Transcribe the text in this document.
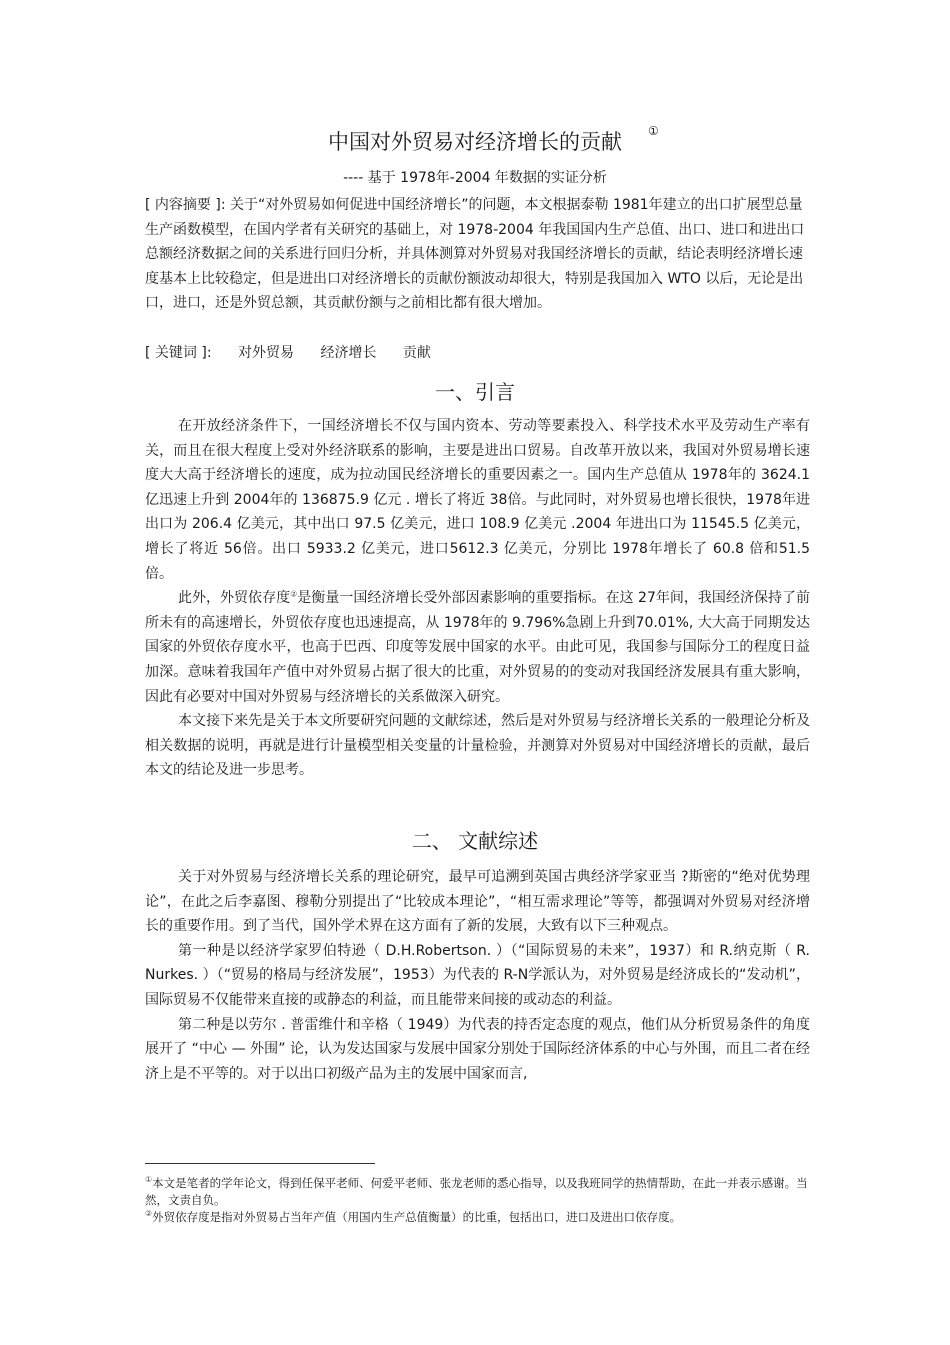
中国对外贸易对经济增长的贡献	①
---- 基于 1978年-2004 年数据的实证分析
[ 内容摘要 ]: 关于“对外贸易如何促进中国经济增长”的问题，本文根据泰勒 1981年建立的出口扩展型总量生产函数模型，在国内学者有关研究的基础上，对 1978-2004 年我国国内生产总值、出口、进口和进出口总额经济数据之间的关系进行回归分析，并具体测算对外贸易对我国经济增长的贡献，结论表明经济增长速度基本上比较稳定，但是进出口对经济增长的贡献份额波动却很大，特别是我国加入 WTO 以后，无论是出口，进口，还是外贸总额，其贡献份额与之前相比都有很大增加。
[ 关键词 ]: 对外贸易 经济增长 贡献
一、引言

在开放经济条件下，一国经济增长不仅与国内资本、劳动等要素投入、科学技术水平及劳动生产率有关，而且在很大程度上受对外经济联系的影响，主要是进出口贸易。自改革开放以来，我国对外贸易增长速度大大高于经济增长的速度，成为拉动国民经济增长的重要因素之一。国内生产总值从 1978年的 3624.1 亿迅速上升到 2004年的 136875.9 亿元 . 增长了将近 38倍。与此同时，对外贸易也增长很快，1978年进出口为 206.4 亿美元，其中出口 97.5 亿美元，进口 108.9 亿美元 .2004 年进出口为 11545.5 亿美元，增长了将近 56倍。出口 5933.2 亿美元，进口5612.3 亿美元，分别比 1978年增长了 60.8 倍和51.5 倍。

此外，外贸依存度②是衡量一国经济增长受外部因素影响的重要指标。在这 27年间，我国经济保持了前所未有的高速增长，外贸依存度也迅速提高，从 1978年的 9.796%急剧上升到70.01%, 大大高于同期发达国家的外贸依存度水平，也高于巴西、印度等发展中国家的水平。由此可见，我国参与国际分工的程度日益加深。意味着我国年产值中对外贸易占据了很大的比重，对外贸易的的变动对我国经济发展具有重大影响，因此有必要对中国对外贸易与经济增长的关系做深入研究。

本文接下来先是关于本文所要研究问题的文献综述，然后是对外贸易与经济增长关系的一般理论分析及相关数据的说明，再就是进行计量模型相关变量的计量检验，并测算对外贸易对中国经济增长的贡献，最后本文的结论及进一步思考。

二、 文献综述

关于对外贸易与经济增长关系的理论研究，最早可追溯到英国古典经济学家亚当 ?斯密的“绝对优势理论”，在此之后李嘉图、穆勒分别提出了“比较成本理论”，“相互需求理论”等等，都强调对外贸易对经济增长的重要作用。到了当代，国外学术界在这方面有了新的发展，大致有以下三种观点。

第一种是以经济学家罗伯特逊（ D.H.Robertson. ）（“国际贸易的未来”，1937）和 R.纳克斯（ R. Nurkes. ）（“贸易的格局与经济发展”，1953）为代表的 R-N学派认为，对外贸易是经济成长的“发动机”，国际贸易不仅能带来直接的或静态的利益，而且能带来间接的或动态的利益。

第二种是以劳尔 . 普雷维什和辛格（ 1949）为代表的持否定态度的观点，他们从分析贸易条件的角度展开了 “中心 — 外围” 论，认为发达国家与发展中国家分别处于国际经济体系的中心与外围，而且二者在经济上是不平等的。对于以出口初级产品为主的发展中国家而言,

①本文是笔者的学年论文，得到任保平老师、何爱平老师、张龙老师的悉心指导，以及我班同学的热情帮助，在此一并表示感谢。当然，文责自负。

②外贸依存度是指对外贸易占当年产值（用国内生产总值衡量）的比重，包括出口，进口及进出口依存度。
